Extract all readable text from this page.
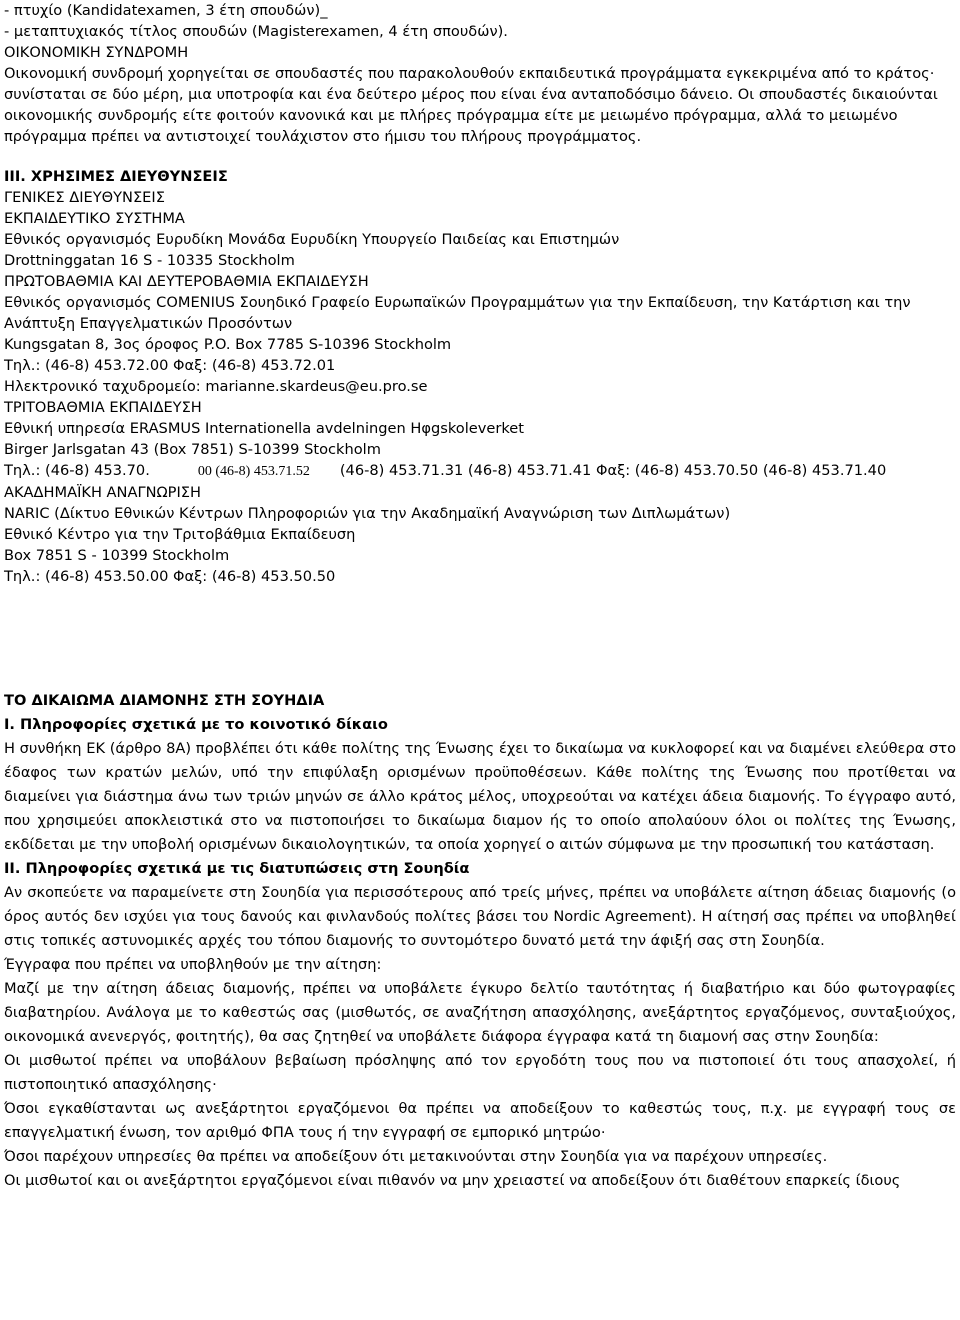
- πτυχίο (Kandidatexamen, 3 έτη σπουδών)_

- μεταπτυχιακός τίτλος σπουδών (Magisterexamen, 4 έτη σπουδών).

ΟΙΚΟΝΟΜΙΚΗ ΣΥΝΔΡΟΜΗ

Οικονομική συνδρομή χορηγείται σε σπουδαστές που παρακολουθούν εκπαιδευτικά προγράμματα εγκεκριμένα από το κράτος· συνίσταται σε δύο μέρη, μια υποτροφία και ένα δεύτερο μέρος που είναι ένα ανταποδόσιμο δάνειο. Οι σπουδαστές δικαιούνται οικονομικής συνδρομής είτε φοιτούν κανονικά και με πλήρες πρόγραμμα είτε με μειωμένο πρόγραμμα, αλλά το μειωμένο πρόγραμμα πρέπει να αντιστοιχεί τουλάχιστον στο ήμισυ του πλήρους προγράμματος.

III. ΧΡΗΣΙΜΕΣ ΔΙΕΥΘΥΝΣΕΙΣ

ΓΕΝΙΚΕΣ ΔΙΕΥΘΥΝΣΕΙΣ

ΕΚΠΑΙΔΕΥΤΙΚΟ ΣΥΣΤΗΜΑ

Εθνικός οργανισμός Ευρυδίκη Μονάδα Ευρυδίκη Υπουργείο Παιδείας και Επιστημών

Drottninggatan 16 S - 10335 Stockholm

ΠΡΩΤΟΒΑΘΜΙΑ ΚΑΙ ΔΕΥΤΕΡΟΒΑΘΜΙΑ ΕΚΠΑΙΔΕΥΣΗ

Εθνικός οργανισμός COMENIUS Σουηδικό Γραφείο Ευρωπαϊκών Προγραμμάτων για την Εκπαίδευση, την Κατάρτιση και την Ανάπτυξη Επαγγελματικών Προσόντων

Kungsgatan 8, 3ος όροφος P.O. Box 7785 S-10396 Stockholm

Τηλ.: (46-8) 453.72.00 Φαξ: (46-8) 453.72.01

Ηλεκτρονικό ταχυδρομείο: marianne.skardeus@eu.pro.se

ΤΡΙΤΟΒΑΘΜΙΑ ΕΚΠΑΙΔΕΥΣΗ

Εθνική υπηρεσία ERASMUS Internationella avdelningen Hφgskoleverket

Birger Jarlsgatan 43 (Box 7851) S-10399 Stockholm

Τηλ.: (46-8) 453.70.	00 (46-8) 453.71.52 (46-8) 453.71.31 (46-8) 453.71.41 Φαξ: (46-8) 453.70.50 (46-8) 453.71.40

ΑΚΑΔΗΜΑΪΚΗ ΑΝΑΓΝΩΡΙΣΗ

NARIC (Δίκτυο Εθνικών Κέντρων Πληροφοριών για την Ακαδημαϊκή Αναγνώριση των Διπλωμάτων)

Εθνικό Κέντρο για την Τριτοβάθμια Εκπαίδευση

Box 7851 S - 10399 Stockholm

Τηλ.: (46-8) 453.50.00 Φαξ: (46-8) 453.50.50

ΤΟ ΔΙΚΑΙΩΜΑ ΔΙΑΜΟΝΗΣ ΣΤΗ ΣΟΥΗΔΙΑ

I. Πληροφορίες σχετικά με το κοινοτικό δίκαιο

Η συνθήκη ΕΚ (άρθρο 8Α) προβλέπει ότι κάθε πολίτης της Ένωσης έχει το δικαίωμα να κυκλοφορεί και να διαμένει ελεύθερα στο έδαφος των κρατών μελών, υπό την επιφύλαξη ορισμένων προϋποθέσεων. Κάθε πολίτης της Ένωσης που προτίθεται να διαμείνει για διάστημα άνω των τριών μηνών σε άλλο κράτος μέλος, υποχρεούται να κατέχει άδεια διαμονής. Το έγγραφο αυτό, που χρησιμεύει αποκλειστικά στο να πιστοποιήσει το δικαίωμα διαμον ής το οποίο απολαύουν όλοι οι πολίτες της Ένωσης, εκδίδεται με την υποβολή ορισμένων δικαιολογητικών, τα οποία χορηγεί ο αιτών σύμφωνα με την προσωπική του κατάσταση.

II. Πληροφορίες σχετικά με τις διατυπώσεις στη Σουηδία

Αν σκοπεύετε να παραμείνετε στη Σουηδία για περισσότερους από τρείς μήνες, πρέπει να υποβάλετε αίτηση άδειας διαμονής (ο όρος αυτός δεν ισχύει για τους δανούς και φινλανδούς πολίτες βάσει του Nordic Agreement). Η αίτησή σας πρέπει να υποβληθεί στις τοπικές αστυνομικές αρχές του τόπου διαμονής το συντομότερο δυνατό μετά την άφιξή σας στη Σουηδία.

Έγγραφα που πρέπει να υποβληθούν με την αίτηση:

Μαζί με την αίτηση άδειας διαμονής, πρέπει να υποβάλετε έγκυρο δελτίο ταυτότητας ή διαβατήριο και δύο φωτογραφίες διαβατηρίου. Ανάλογα με το καθεστώς σας (μισθωτός, σε αναζήτηση απασχόλησης, ανεξάρτητος εργαζόμενος, συνταξιούχος, οικονομικά ανενεργός, φοιτητής), θα σας ζητηθεί να υποβάλετε διάφορα έγγραφα κατά τη διαμονή σας στην Σουηδία:

Οι μισθωτοί πρέπει να υποβάλουν βεβαίωση πρόσληψης από τον εργοδότη τους που να πιστοποιεί ότι τους απασχολεί, ή πιστοποιητικό απασχόλησης·

Όσοι εγκαθίστανται ως ανεξάρτητοι εργαζόμενοι θα πρέπει να αποδείξουν το καθεστώς τους, π.χ. με εγγραφή τους σε επαγγελματική ένωση, τον αριθμό ΦΠΑ τους ή την εγγραφή σε εμπορικό μητρώο·

Όσοι παρέχουν υπηρεσίες θα πρέπει να αποδείξουν ότι μετακινούνται στην Σουηδία για να παρέχουν υπηρεσίες.

Οι μισθωτοί και οι ανεξάρτητοι εργαζόμενοι είναι πιθανόν να μην χρειαστεί να αποδείξουν ότι διαθέτουν επαρκείς ίδιους
